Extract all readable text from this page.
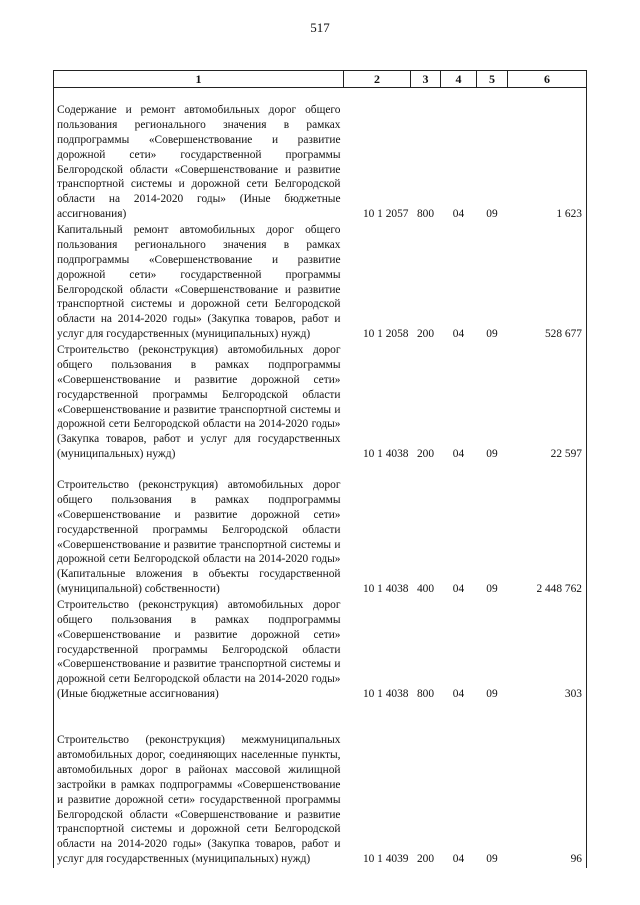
517
1	2	3	4	5	6
Содержание и ремонт автомобильных дорог общего пользования регионального значения в рамках подпрограммы «Совершенствование и развитие дорожной сети» государственной программы Белгородской области «Совершенствование и развитие транспортной системы и дорожной сети Белгородской области на 2014-2020 годы» (Иные бюджетные ассигнования)	10 1 2057	800	04	09	1 623
Капитальный ремонт автомобильных дорог общего пользования регионального значения в рамках подпрограммы «Совершенствование и развитие дорожной сети» государственной программы Белгородской области «Совершенствование и развитие транспортной системы и дорожной сети Белгородской области на 2014-2020 годы» (Закупка товаров, работ и услуг для государственных (муниципальных) нужд)	10 1 2058	200	04	09	528 677
Строительство (реконструкция) автомобильных дорог общего пользования в рамках подпрограммы «Совершенствование и развитие дорожной сети» государственной программы Белгородской области «Совершенствование и развитие транспортной системы и дорожной сети Белгородской области на 2014-2020 годы» (Закупка товаров, работ и услуг для государственных (муниципальных) нужд)	10 1 4038	200	04	09	22 597
Строительство (реконструкция) автомобильных дорог общего пользования в рамках подпрограммы «Совершенствование и развитие дорожной сети» государственной программы Белгородской области «Совершенствование и развитие транспортной системы и дорожной сети Белгородской области на 2014-2020 годы» (Капитальные вложения в объекты государственной (муниципальной) собственности)	10 1 4038	400	04	09	2 448 762
Строительство (реконструкция) автомобильных дорог общего пользования в рамках подпрограммы «Совершенствование и развитие дорожной сети» государственной программы Белгородской области «Совершенствование и развитие транспортной системы и дорожной сети Белгородской области на 2014-2020 годы» (Иные бюджетные ассигнования)	10 1 4038	800	04	09	303
Строительство (реконструкция) межмуниципальных автомобильных дорог, соединяющих населенные пункты, автомобильных дорог в районах массовой жилищной застройки в рамках подпрограммы «Совершенствование и развитие дорожной сети» государственной программы Белгородской области «Совершенствование и развитие транспортной системы и дорожной сети Белгородской области на 2014-2020 годы» (Закупка товаров, работ и услуг для государственных (муниципальных) нужд)	10 1 4039	200	04	09	96
